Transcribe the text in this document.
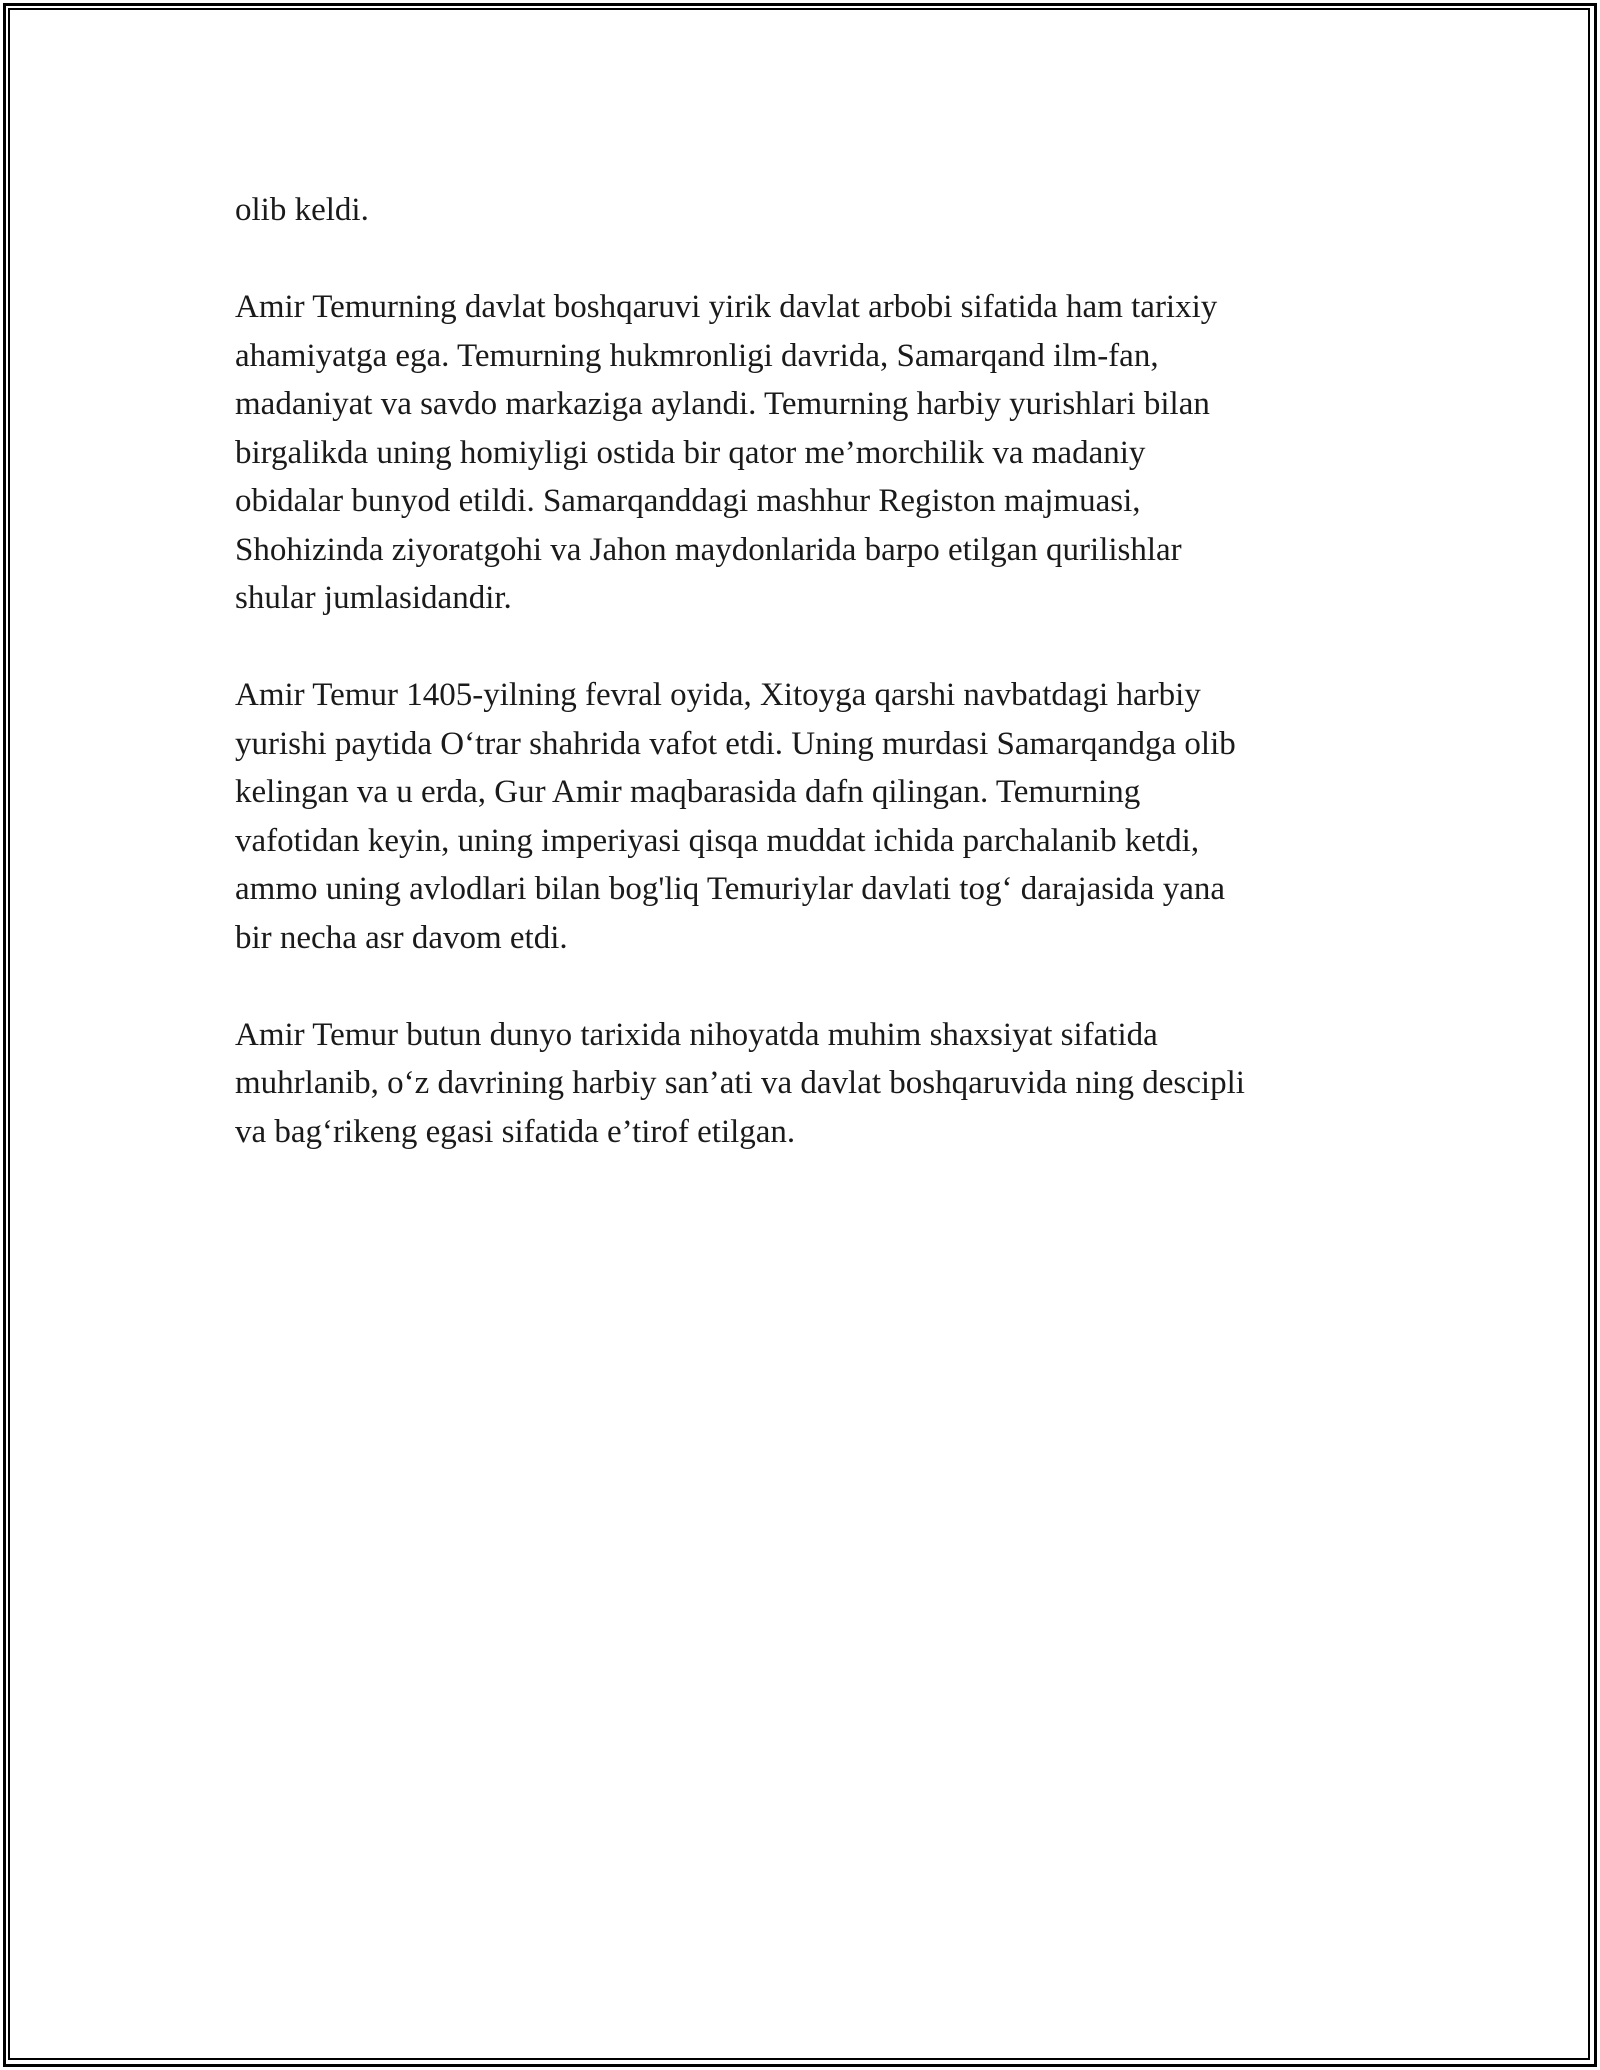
olib keldi.

Amir Temurning davlat boshqaruvi yirik davlat arbobi sifatida ham tarixiy
ahamiyatga ega. Temurning hukmronligi davrida, Samarqand ilm-fan,
madaniyat va savdo markaziga aylandi. Temurning harbiy yurishlari bilan
birgalikda uning homiyligi ostida bir qator me’morchilik va madaniy
obidalar bunyod etildi. Samarqanddagi mashhur Registon majmuasi,
Shohizinda ziyoratgohi va Jahon maydonlarida barpo etilgan qurilishlar
shular jumlasidandir.

Amir Temur 1405-yilning fevral oyida, Xitoyga qarshi navbatdagi harbiy
yurishi paytida O‘trar shahrida vafot etdi. Uning murdasi Samarqandga olib
kelingan va u erda, Gur Amir maqbarasida dafn qilingan. Temurning
vafotidan keyin, uning imperiyasi qisqa muddat ichida parchalanib ketdi,
ammo uning avlodlari bilan bog'liq Temuriylar davlati tog‘ darajasida yana
bir necha asr davom etdi.

Amir Temur butun dunyo tarixida nihoyatda muhim shaxsiyat sifatida
muhrlanib, o‘z davrining harbiy san’ati va davlat boshqaruvida ning descipli
va bag‘rikeng egasi sifatida e’tirof etilgan.
